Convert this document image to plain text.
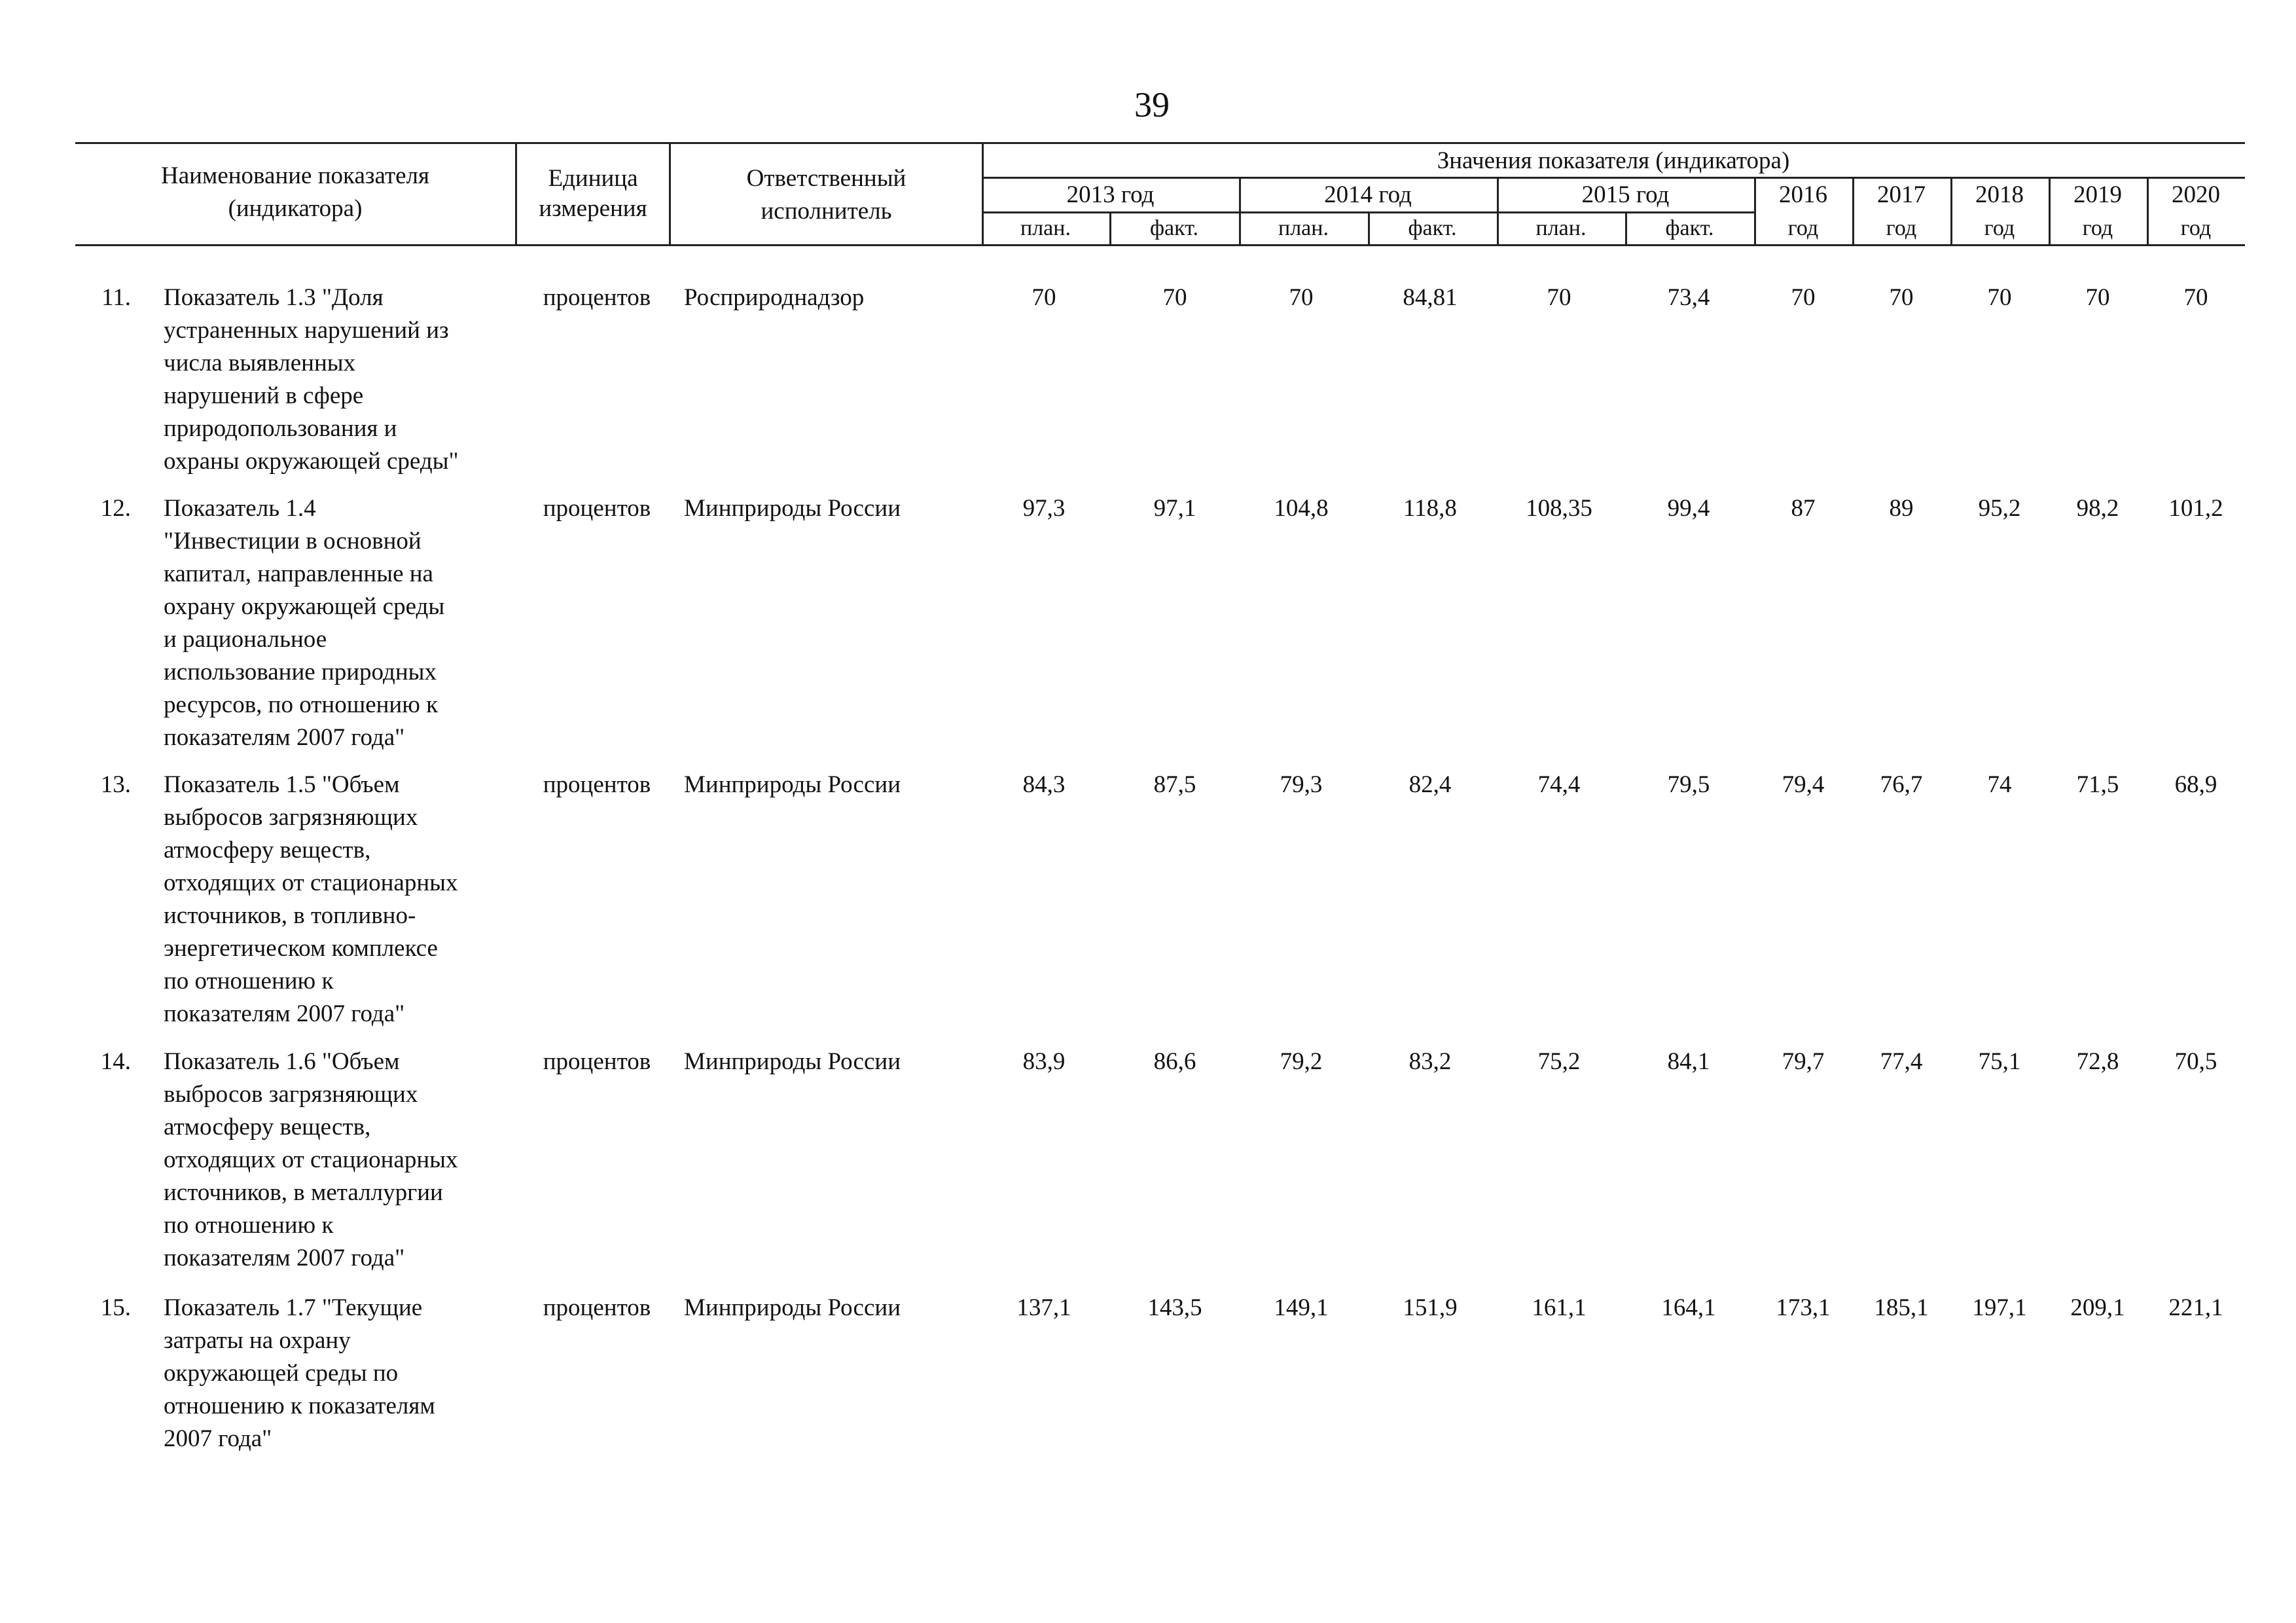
39
Наименование показателя
(индикатора)
Единица
измерения
Ответственный
исполнитель
Значения показателя (индикатора)
2013 год	2014 год	2015 год
план.	факт.	план.	факт.	план.	факт.
2016	2017	2018	2019	2020
год	год	год	год	год
11. Показатель 1.3 "Доля
устраненных нарушений из
числа выявленных
нарушений в сфере
природопользования и
охраны окружающей среды"
процентов	Росприроднадзор	70	70	70	84,81	70	73,4	70	70	70	70	70
12. Показатель 1.4
"Инвестиции в основной
капитал, направленные на
охрану окружающей среды
и рациональное
использование природных
ресурсов, по отношению к
показателям 2007 года"
процентов	Минприроды России	97,3	97,1	104,8	118,8	108,35	99,4	87	89	95,2	98,2	101,2
13. Показатель 1.5 "Объем
выбросов загрязняющих
атмосферу веществ,
отходящих от стационарных
источников, в топливно-
энергетическом комплексе
по отношению к
показателям 2007 года"
процентов	Минприроды России	84,3	87,5	79,3	82,4	74,4	79,5	79,4	76,7	74	71,5	68,9
14. Показатель 1.6 "Объем
выбросов загрязняющих
атмосферу веществ,
отходящих от стационарных
источников, в металлургии
по отношению к
показателям 2007 года"
процентов	Минприроды России	83,9	86,6	79,2	83,2	75,2	84,1	79,7	77,4	75,1	72,8	70,5
15. Показатель 1.7 "Текущие
затраты на охрану
окружающей среды по
отношению к показателям
2007 года"
процентов	Минприроды России	137,1	143,5	149,1	151,9	161,1	164,1	173,1	185,1	197,1	209,1	221,1
